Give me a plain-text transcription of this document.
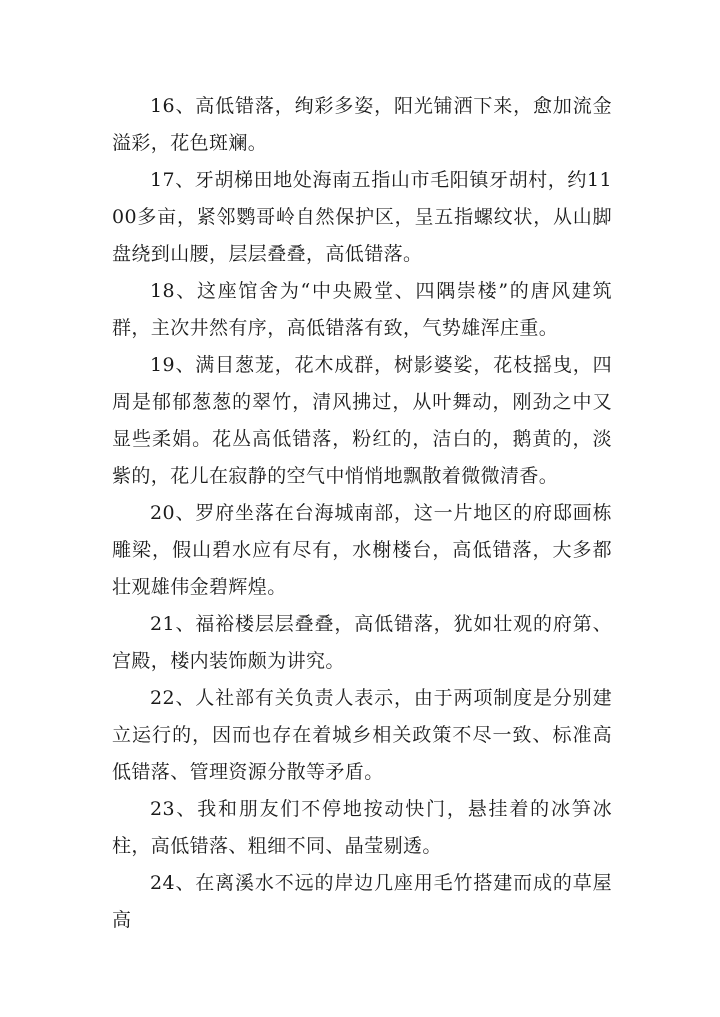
16、高低错落，绚彩多姿，阳光铺洒下来，愈加流金溢彩，花色斑斓。

17、牙胡梯田地处海南五指山市毛阳镇牙胡村，约1100多亩，紧邻鹦哥岭自然保护区，呈五指螺纹状，从山脚盘绕到山腰，层层叠叠，高低错落。

18、这座馆舍为“中央殿堂、四隅崇楼”的唐风建筑群，主次井然有序，高低错落有致，气势雄浑庄重。

19、满目葱茏，花木成群，树影婆娑，花枝摇曳，四周是郁郁葱葱的翠竹，清风拂过，从叶舞动，刚劲之中又显些柔娟。花丛高低错落，粉红的，洁白的，鹅黄的，淡紫的，花儿在寂静的空气中悄悄地飘散着微微清香。

20、罗府坐落在台海城南部，这一片地区的府邸画栋雕梁，假山碧水应有尽有，水榭楼台，高低错落，大多都壮观雄伟金碧辉煌。

21、福裕楼层层叠叠，高低错落，犹如壮观的府第、宫殿，楼内装饰颇为讲究。

22、人社部有关负责人表示，由于两项制度是分别建立运行的，因而也存在着城乡相关政策不尽一致、标准高低错落、管理资源分散等矛盾。

23、我和朋友们不停地按动快门，悬挂着的冰笋冰柱，高低错落、粗细不同、晶莹剔透。

24、在离溪水不远的岸边几座用毛竹搭建而成的草屋高
